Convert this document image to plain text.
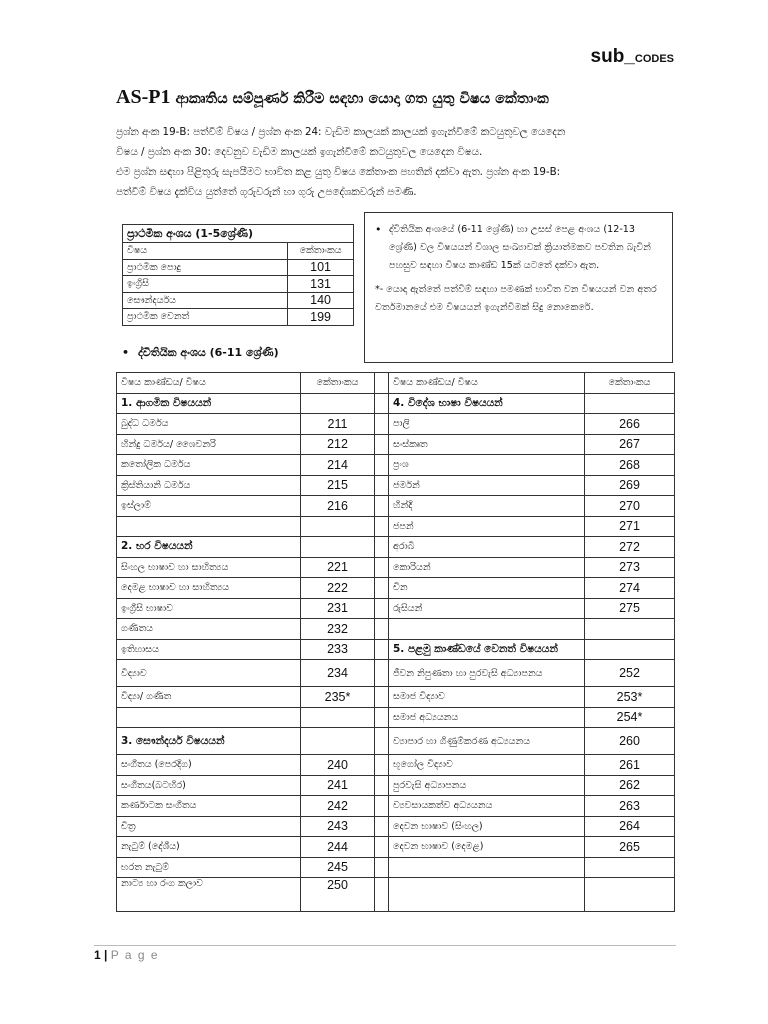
sub_CODES
AS-P1 ආකෘතිය සම්පූර්ණ කිරීම සඳහා යොදා ගත යුතු විෂය කේතාංක
ප්‍රශ්න අංක 19-B: පත්වීම් විෂය / ප්‍රශ්න අංක 24: වැඩිම කාලයක් කාලයක් ඉගැන්වීමේ කටයුතුවල යෙදෙන
විෂය / ප්‍රශ්න අංක 30: දෙවනුව වැඩිම කාලයක් ඉගැන්වීමේ කටයුතුවල යෙදෙන විෂය.
එම ප්‍රශ්න සඳහා පිළිතුරු සැපයීමට භාවිත කළ යුතු විෂය කේතාංක පහතින් දක්වා ඇත. ප්‍රශ්න අංක 19-B:
පත්වීම් විෂය දැක්විය යුත්තේ ගුරුවරුන් හා ගුරු උපදේශකවරුන් පමණි.
ප්‍රාථමික අංශය (1-5ශ්‍රේණි)	
විෂය	කේතාංකය
ප්‍රාථමික පොදු	101
ඉංග්‍රිසි	131
සෞන්දර්යය	140
ප්‍රාථමික වෙනත්	199
• ද්විතියික අංශයේ (6-11 ශ්‍රේණි) හා උසස් පෙළ අංශය (12-13 ශ්‍රේණි) වල විෂයයන් විශාල සංඛ්‍යාවක් ක්‍රියාත්මකව පවතින බැවින් පහසුව සඳහා විෂය කාණ්ඩ 15ක් යටතේ දක්වා ඇත.
*- යොදා ඇත්තේ පත්වීම් සඳහා පමණක් භාවිත වන විෂයයන් වන අතර වර්තමානයේ එම විෂයයන් ඉගැන්වීමක් සිදු නොකෙරේ.
• ද්විතියික අංශය (6-11 ශ්‍රේණි)
විෂය කාණ්ඩය/ විෂය	කේතාංකය		විෂය කාණ්ඩය/ විෂය	කේතාංකය
1. ආගමික විෂයයන්			4. විදේශ භාෂා විෂයයන්	
බුද්ධ ධර්මය	211		පාලි	266
හින්දු ධර්මය/ ශෛවනරි	212		සංස්කෘත	267
කතෝලික ධර්මය	214		ප්‍රංශ	268
ක්‍රිස්තියානි ධර්මය	215		ජර්මන්	269
ඉස්ලාම්	216		හින්දි	270
			ජපන්	271
2. භර විෂයයන්			අරාබි	272
සිංහල භාෂාව හා සාහිත්‍යය	221		කොරියන්	273
දෙමළ භාෂාව හා සාහිත්‍යය	222		චීන	274
ඉංග්‍රීසි භාෂාව	231		රුසියන්	275
ගණිතය	232			
ඉතිහාසය	233		5. පළමු කාණ්ඩයේ වෙනත් විෂයයන්	
විද්‍යාව	234		ජීවන නිපුණතා හා පුරවැසි අධ්‍යාපනය	252
විද්‍යා/ ගණිත	235*		සමාජ විද්‍යාව	253*
			සමාජ අධ්‍යයනය	254*
3. සෞන්දර්ය විෂයයන්			ව්‍යාපාර හා ගිණුම්කරණ අධ්‍යයනය	260
සංගීතය (පෙරදිග)	240		භූගෝල විද්‍යාව	261
සංගීතය(බටහිර)	241		පුරවැසි අධ්‍යාපනය	262
කර්ණාටක සංගීතය	242		ව්‍යවසායකත්ව අධ්‍යයනය	263
චිත්‍ර	243		දෙවන භාෂාව (සිංහල)	264
නැටුම් (දේශීය)	244		දෙවන භාෂාව (දෙමළ)	265
භරත නැටුම්	245			
නාට්‍ය හා රංග කලාව	250			
1 | P a g e
